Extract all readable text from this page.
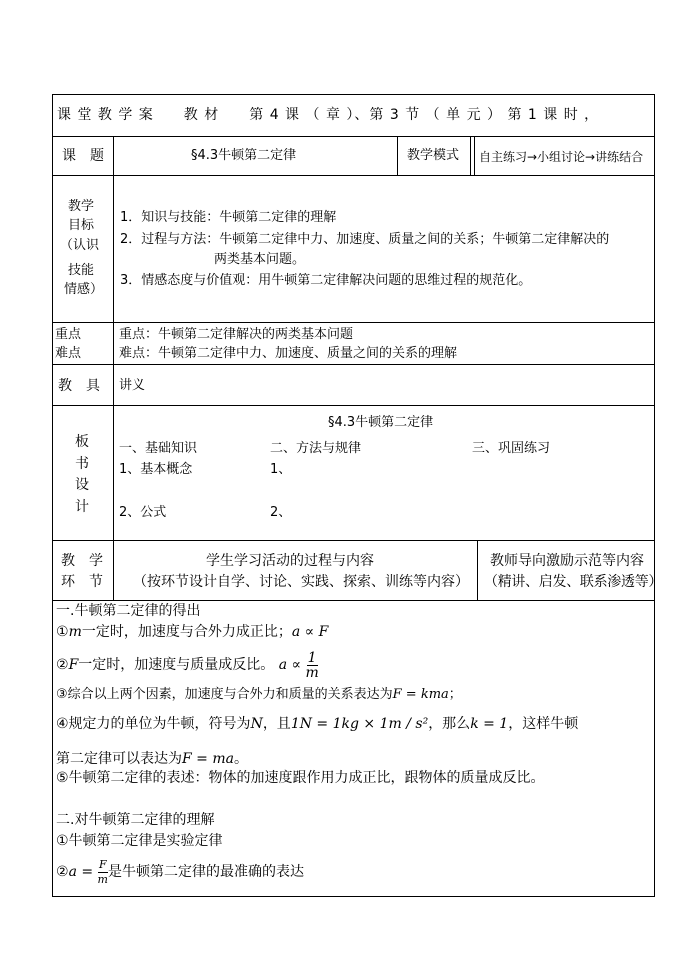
课 堂 教 学 案　　教 材　　第 4 课 （ 章 ）、第 3 节 （ 单 元 ） 第 1 课 时 ，
课　题	§4.3牛顿第二定律	教学模式 自主练习→小组讨论→讲练结合
教学
目标
（认识
技能
情感）
1．知识与技能：牛顿第二定律的理解
2．过程与方法：牛顿第二定律中力、加速度、质量之间的关系；牛顿第二定律解决的
两类基本问题。
3．情感态度与价值观：用牛顿第二定律解决问题的思维过程的规范化。
重点
难点
重点：牛顿第二定律解决的两类基本问题
难点：牛顿第二定律中力、加速度、质量之间的关系的理解
教　具 讲义
板
书
设
计
§4.3牛顿第二定律
一、基础知识	二、方法与规律	三、巩固练习
1、基本概念	1、
2、公式	2、
教　学
环　节
学生学习活动的过程与内容
（按环节设计自学、讨论、实践、探索、训练等内容）
教师导向激励示范等内容
（精讲、启发、联系渗透等）
一.牛顿第二定律的得出
①m一定时，加速度与合外力成正比；a ∝ F
②F一定时，加速度与质量成反比。 $a \propto \frac{1}{m}$
③综合以上两个因素，加速度与合外力和质量的关系表达为F = kma；
④规定力的单位为牛顿，符号为N，且1N = 1kg × 1m / s²，那么k = 1，这样牛顿
第二定律可以表达为F = ma。
⑤牛顿第二定律的表述：物体的加速度跟作用力成正比，跟物体的质量成反比。
二.对牛顿第二定律的理解
①牛顿第二定律是实验定律
②a = $\frac{F}{m}$ 是牛顿第二定律的最准确的表达
